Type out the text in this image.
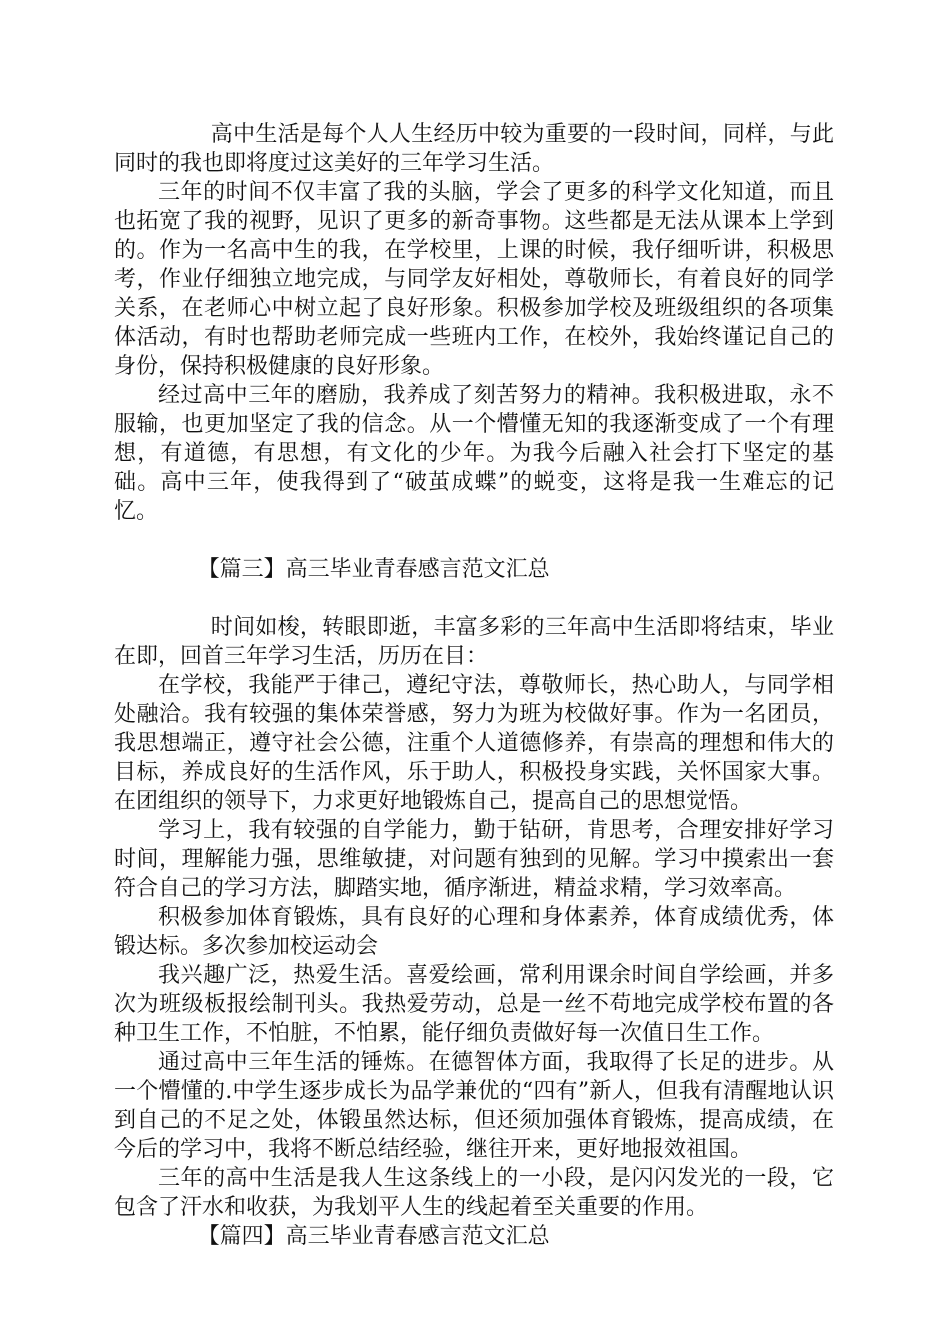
高中生活是每个人人生经历中较为重要的一段时间，同样，与此同时的我也即将度过这美好的三年学习生活。

三年的时间不仅丰富了我的头脑，学会了更多的科学文化知道，而且也拓宽了我的视野，见识了更多的新奇事物。这些都是无法从课本上学到的。作为一名高中生的我，在学校里，上课的时候，我仔细听讲，积极思考，作业仔细独立地完成，与同学友好相处，尊敬师长，有着良好的同学关系，在老师心中树立起了良好形象。积极参加学校及班级组织的各项集体活动，有时也帮助老师完成一些班内工作，在校外，我始终谨记自己的身份，保持积极健康的良好形象。

经过高中三年的磨励，我养成了刻苦努力的精神。我积极进取，永不服输，也更加坚定了我的信念。从一个懵懂无知的我逐渐变成了一个有理想，有道德，有思想，有文化的少年。为我今后融入社会打下坚定的基础。高中三年，使我得到了“破茧成蝶”的蜕变，这将是我一生难忘的记忆。

【篇三】高三毕业青春感言范文汇总

时间如梭，转眼即逝，丰富多彩的三年高中生活即将结束，毕业在即，回首三年学习生活，历历在目：

在学校，我能严于律己，遵纪守法，尊敬师长，热心助人，与同学相处融洽。我有较强的集体荣誉感，努力为班为校做好事。作为一名团员，我思想端正，遵守社会公德，注重个人道德修养，有崇高的理想和伟大的目标，养成良好的生活作风，乐于助人，积极投身实践，关怀国家大事。在团组织的领导下，力求更好地锻炼自己，提高自己的思想觉悟。

学习上，我有较强的自学能力，勤于钻研，肯思考，合理安排好学习时间，理解能力强，思维敏捷，对问题有独到的见解。学习中摸索出一套符合自己的学习方法，脚踏实地，循序渐进，精益求精，学习效率高。

积极参加体育锻炼，具有良好的心理和身体素养，体育成绩优秀，体锻达标。多次参加校运动会

我兴趣广泛，热爱生活。喜爱绘画，常利用课余时间自学绘画，并多次为班级板报绘制刊头。我热爱劳动，总是一丝不苟地完成学校布置的各种卫生工作，不怕脏，不怕累，能仔细负责做好每一次值日生工作。

通过高中三年生活的锤炼。在德智体方面，我取得了长足的进步。从一个懵懂的.中学生逐步成长为品学兼优的“四有”新人，但我有清醒地认识到自己的不足之处，体锻虽然达标，但还须加强体育锻炼，提高成绩，在今后的学习中，我将不断总结经验，继往开来，更好地报效祖国。

三年的高中生活是我人生这条线上的一小段，是闪闪发光的一段，它包含了汗水和收获，为我划平人生的线起着至关重要的作用。

【篇四】高三毕业青春感言范文汇总
